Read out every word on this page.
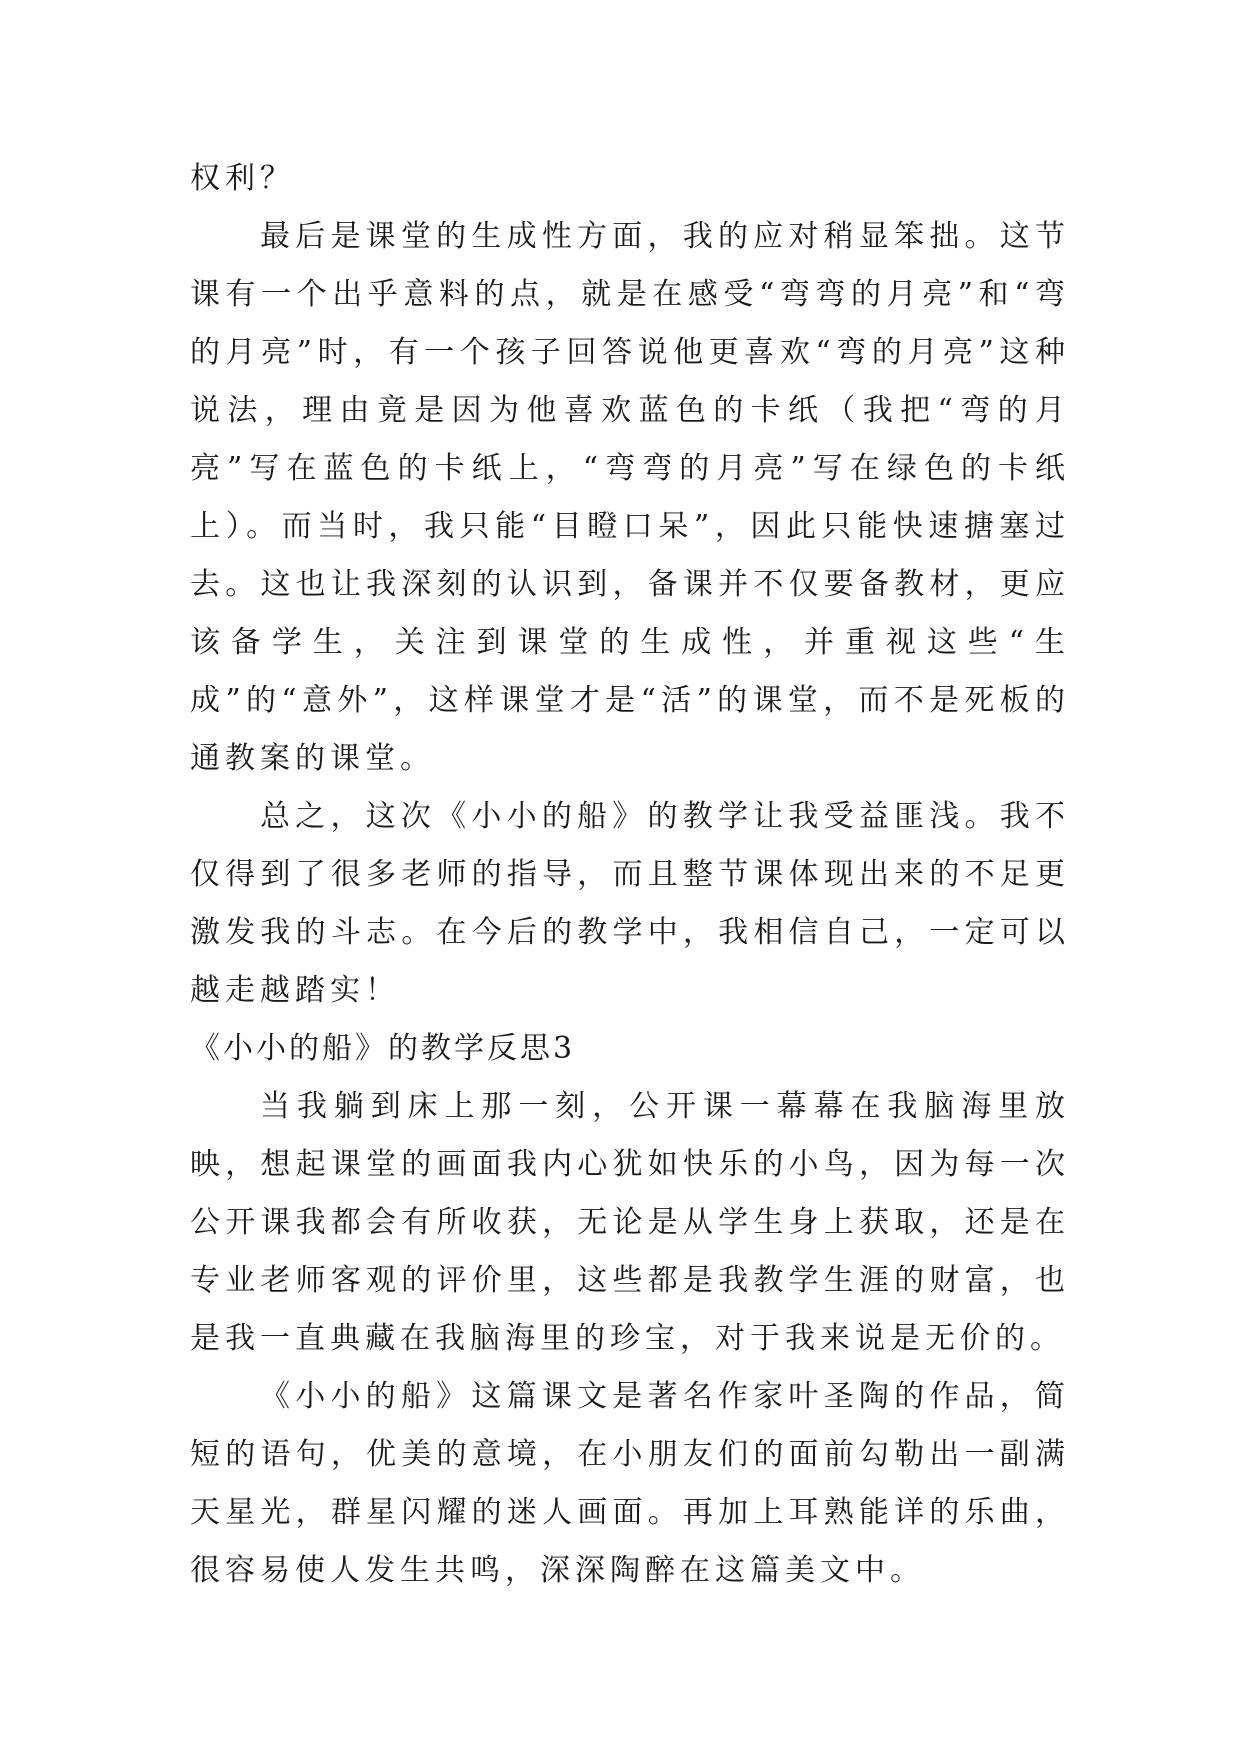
权利？

最后是课堂的生成性方面，我的应对稍显笨拙。这节课有一个出乎意料的点，就是在感受“弯弯的月亮”和“弯的月亮”时，有一个孩子回答说他更喜欢“弯的月亮”这种说法，理由竟是因为他喜欢蓝色的卡纸（我把“弯的月亮”写在蓝色的卡纸上，“弯弯的月亮”写在绿色的卡纸上）。而当时，我只能“目瞪口呆”，因此只能快速搪塞过去。这也让我深刻的认识到，备课并不仅要备教材，更应该备学生，关注到课堂的生成性，并重视这些“生成”的“意外”，这样课堂才是“活”的课堂，而不是死板的通教案的课堂。

总之，这次《小小的船》的教学让我受益匪浅。我不仅得到了很多老师的指导，而且整节课体现出来的不足更激发我的斗志。在今后的教学中，我相信自己，一定可以越走越踏实！

《小小的船》的教学反思3

当我躺到床上那一刻，公开课一幕幕在我脑海里放映，想起课堂的画面我内心犹如快乐的小鸟，因为每一次公开课我都会有所收获，无论是从学生身上获取，还是在专业老师客观的评价里，这些都是我教学生涯的财富，也是我一直典藏在我脑海里的珍宝，对于我来说是无价的。

《小小的船》这篇课文是著名作家叶圣陶的作品，简短的语句，优美的意境，在小朋友们的面前勾勒出一副满天星光，群星闪耀的迷人画面。再加上耳熟能详的乐曲，很容易使人发生共鸣，深深陶醉在这篇美文中。
